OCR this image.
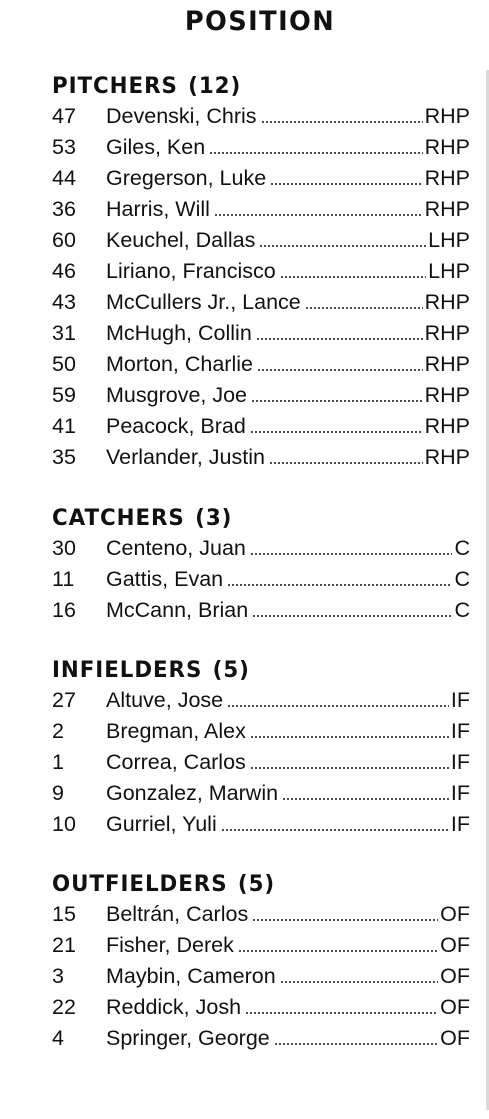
POSITION
PITCHERS (12)
47	Devenski, Chris	RHP
53	Giles, Ken	RHP
44	Gregerson, Luke	RHP
36	Harris, Will	RHP
60	Keuchel, Dallas	LHP
46	Liriano, Francisco	LHP
43	McCullers Jr., Lance	RHP
31	McHugh, Collin	RHP
50	Morton, Charlie	RHP
59	Musgrove, Joe	RHP
41	Peacock, Brad	RHP
35	Verlander, Justin	RHP
CATCHERS (3)
30	Centeno, Juan	C
11	Gattis, Evan	C
16	McCann, Brian	C
INFIELDERS (5)
27	Altuve, Jose	IF
2	Bregman, Alex	IF
1	Correa, Carlos	IF
9	Gonzalez, Marwin	IF
10	Gurriel, Yuli	IF
OUTFIELDERS (5)
15	Beltrán, Carlos	OF
21	Fisher, Derek	OF
3	Maybin, Cameron	OF
22	Reddick, Josh	OF
4	Springer, George	OF
